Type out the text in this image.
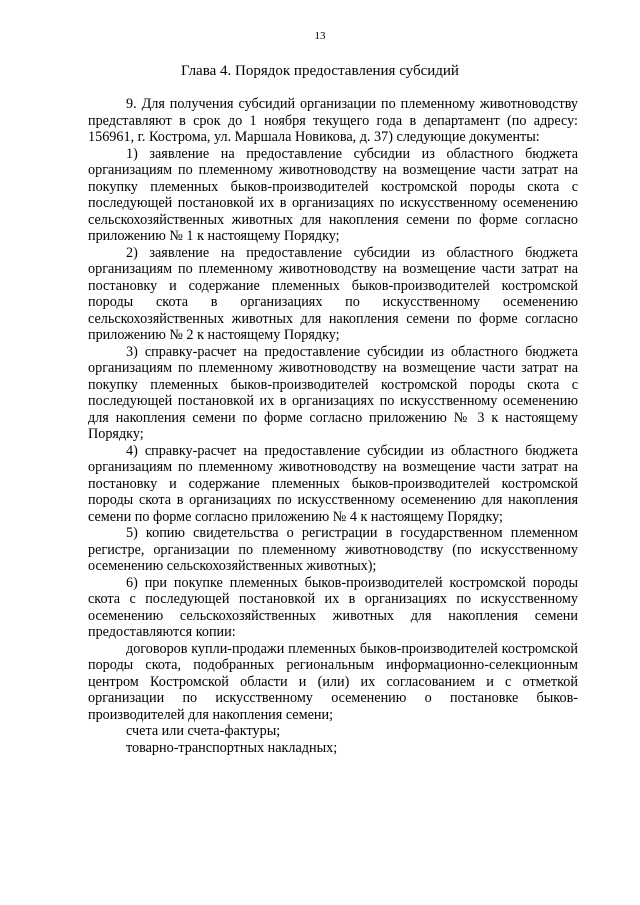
13
Глава 4. Порядок предоставления субсидий

9. Для получения субсидий организации по племенному животноводству представляют в срок до 1 ноября текущего года в департамент (по адресу: 156961, г. Кострома, ул. Маршала Новикова, д. 37) следующие документы:

1) заявление на предоставление субсидии из областного бюджета организациям по племенному животноводству на возмещение части затрат на покупку племенных быков-производителей костромской породы скота с последующей постановкой их в организациях по искусственному осеменению сельскохозяйственных животных для накопления семени по форме согласно приложению № 1 к настоящему Порядку;

2) заявление на предоставление субсидии из областного бюджета организациям по племенному животноводству на возмещение части затрат на постановку и содержание племенных быков-производителей костромской породы скота в организациях по искусственному осеменению сельскохозяйственных животных для накопления семени по форме согласно приложению № 2 к настоящему Порядку;

3) справку-расчет на предоставление субсидии из областного бюджета организациям по племенному животноводству на возмещение части затрат на покупку племенных быков-производителей костромской породы скота с последующей постановкой их в организациях по искусственному осеменению для накопления семени по форме согласно приложению № 3 к настоящему Порядку;

4) справку-расчет на предоставление субсидии из областного бюджета организациям по племенному животноводству на возмещение части затрат на постановку и содержание племенных быков-производителей костромской породы скота в организациях по искусственному осеменению для накопления семени по форме согласно приложению № 4 к настоящему Порядку;

5) копию свидетельства о регистрации в государственном племенном регистре, организации по племенному животноводству (по искусственному осеменению сельскохозяйственных животных);

6) при покупке племенных быков-производителей костромской породы скота с последующей постановкой их в организациях по искусственному осеменению сельскохозяйственных животных для накопления семени предоставляются копии:

договоров купли-продажи племенных быков-производителей костромской породы скота, подобранных региональным информационно-селекционным центром Костромской области и (или) их согласованием и с отметкой организации по искусственному осеменению о постановке быков-производителей для накопления семени;

счета или счета-фактуры;

товарно-транспортных накладных;
